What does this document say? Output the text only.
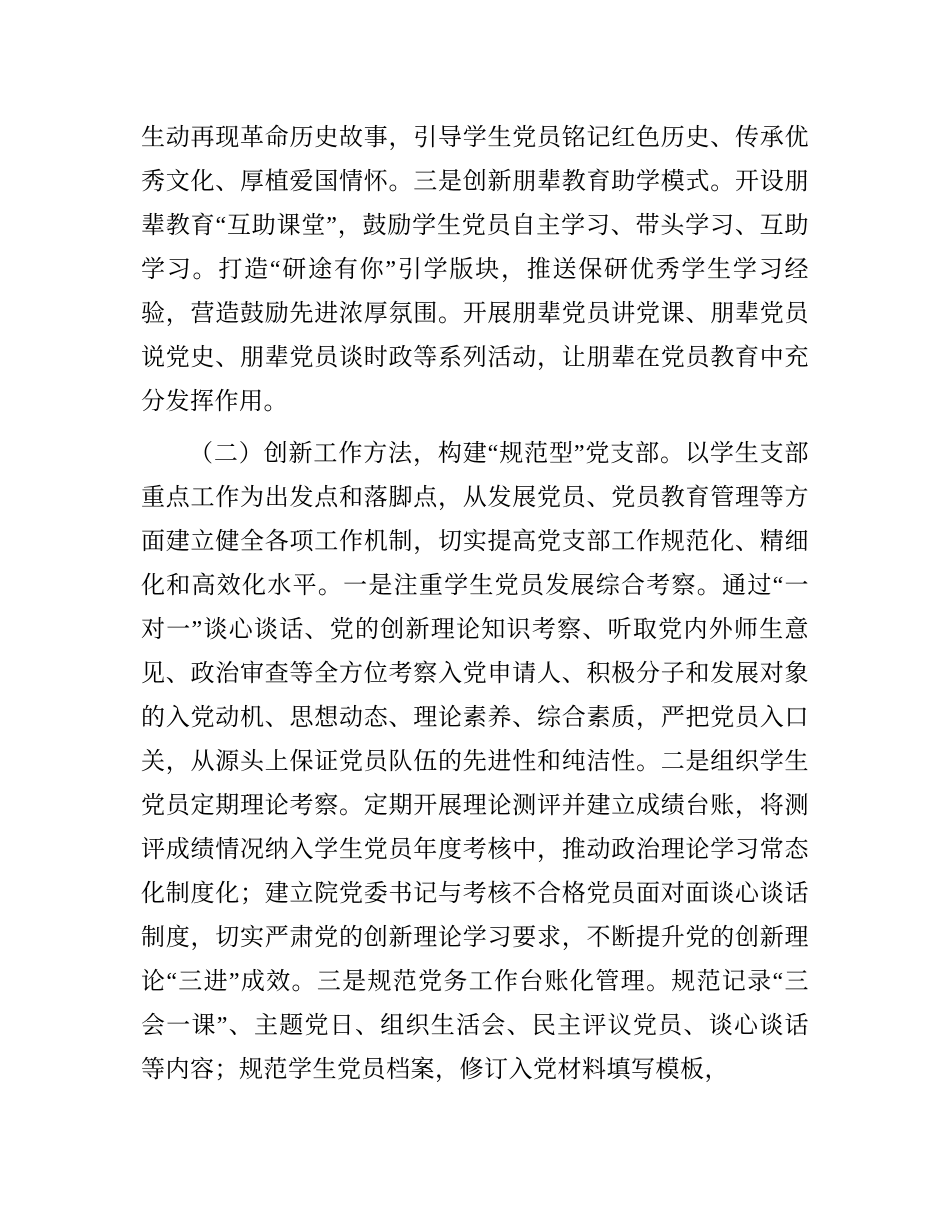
生动再现革命历史故事，引导学生党员铭记红色历史、传承优秀文化、厚植爱国情怀。三是创新朋辈教育助学模式。开设朋辈教育“互助课堂”，鼓励学生党员自主学习、带头学习、互助学习。打造“研途有你”引学版块，推送保研优秀学生学习经验，营造鼓励先进浓厚氛围。开展朋辈党员讲党课、朋辈党员说党史、朋辈党员谈时政等系列活动，让朋辈在党员教育中充分发挥作用。

（二）创新工作方法，构建“规范型”党支部。以学生支部重点工作为出发点和落脚点，从发展党员、党员教育管理等方面建立健全各项工作机制，切实提高党支部工作规范化、精细化和高效化水平。一是注重学生党员发展综合考察。通过“一对一”谈心谈话、党的创新理论知识考察、听取党内外师生意见、政治审查等全方位考察入党申请人、积极分子和发展对象的入党动机、思想动态、理论素养、综合素质，严把党员入口关，从源头上保证党员队伍的先进性和纯洁性。二是组织学生党员定期理论考察。定期开展理论测评并建立成绩台账，将测评成绩情况纳入学生党员年度考核中，推动政治理论学习常态化制度化；建立院党委书记与考核不合格党员面对面谈心谈话制度，切实严肃党的创新理论学习要求，不断提升党的创新理论“三进”成效。三是规范党务工作台账化管理。规范记录“三会一课”、主题党日、组织生活会、民主评议党员、谈心谈话等内容；规范学生党员档案，修订入党材料填写模板，
